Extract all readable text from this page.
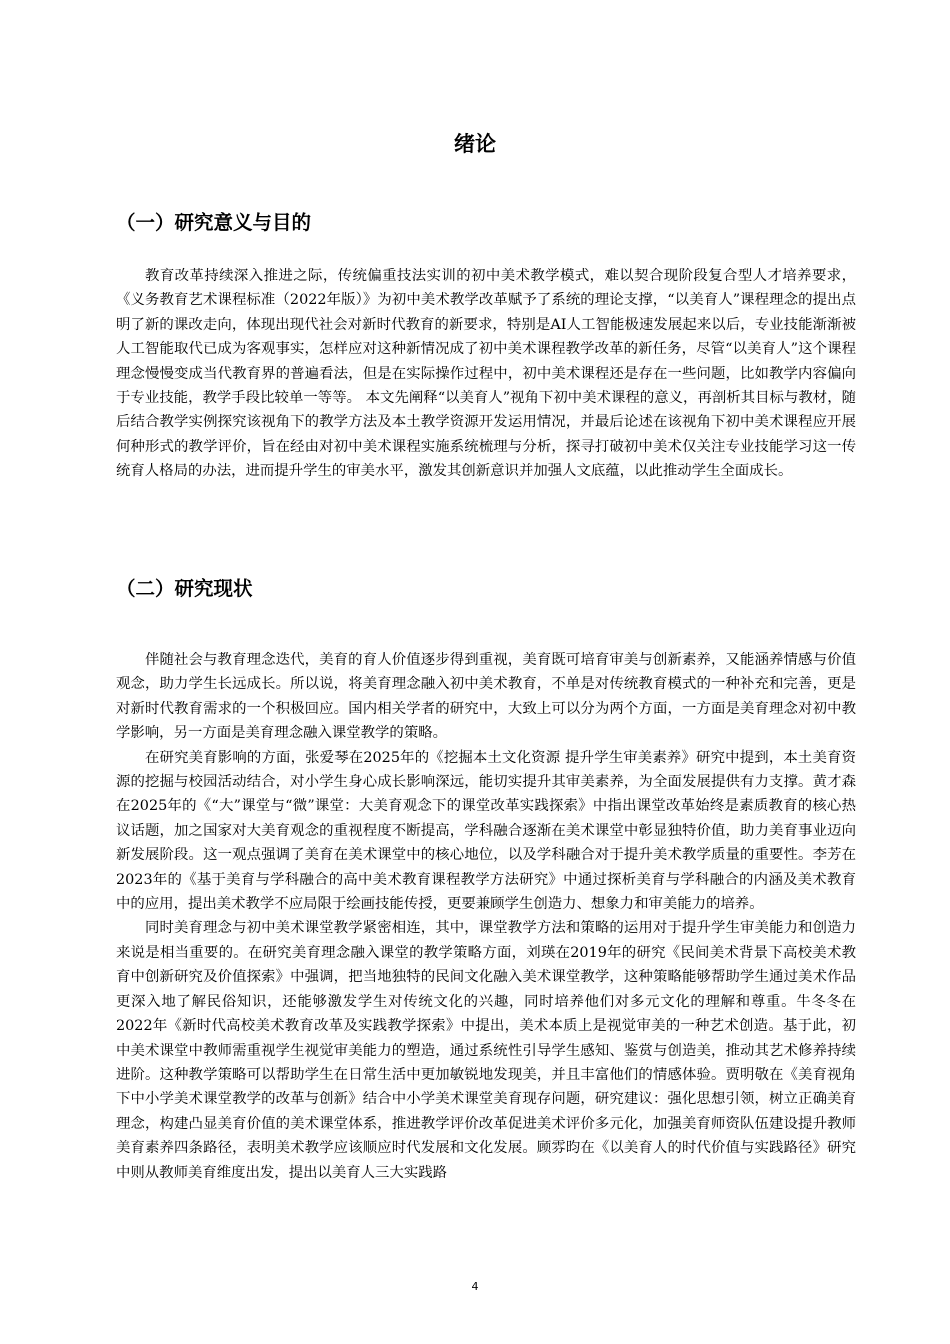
绪论
（一）研究意义与目的

教育改革持续深入推进之际，传统偏重技法实训的初中美术教学模式，难以契合现阶段复合型人才培养要求，《义务教育艺术课程标准（2022年版）》为初中美术教学改革赋予了系统的理论支撑，“以美育人”课程理念的提出点明了新的课改走向，体现出现代社会对新时代教育的新要求，特别是AI人工智能极速发展起来以后，专业技能渐渐被人工智能取代已成为客观事实，怎样应对这种新情况成了初中美术课程教学改革的新任务，尽管“以美育人”这个课程理念慢慢变成当代教育界的普遍看法，但是在实际操作过程中，初中美术课程还是存在一些问题，比如教学内容偏向于专业技能，教学手段比较单一等等。 本文先阐释“以美育人”视角下初中美术课程的意义，再剖析其目标与教材，随后结合教学实例探究该视角下的教学方法及本土教学资源开发运用情况，并最后论述在该视角下初中美术课程应开展何种形式的教学评价，旨在经由对初中美术课程实施系统梳理与分析，探寻打破初中美术仅关注专业技能学习这一传统育人格局的办法，进而提升学生的审美水平，激发其创新意识并加强人文底蕴，以此推动学生全面成长。

（二）研究现状

伴随社会与教育理念迭代，美育的育人价值逐步得到重视，美育既可培育审美与创新素养，又能涵养情感与价值观念，助力学生长远成长。所以说，将美育理念融入初中美术教育，不单是对传统教育模式的一种补充和完善，更是对新时代教育需求的一个积极回应。国内相关学者的研究中，大致上可以分为两个方面，一方面是美育理念对初中教学影响，另一方面是美育理念融入课堂教学的策略。

在研究美育影响的方面，张爱琴在2025年的《挖掘本土文化资源 提升学生审美素养》研究中提到，本土美育资源的挖掘与校园活动结合，对小学生身心成长影响深远，能切实提升其审美素养，为全面发展提供有力支撑。黄才森在2025年的《“大”课堂与“微”课堂：大美育观念下的课堂改革实践探索》中指出课堂改革始终是素质教育的核心热议话题，加之国家对大美育观念的重视程度不断提高，学科融合逐渐在美术课堂中彰显独特价值，助力美育事业迈向新发展阶段。这一观点强调了美育在美术课堂中的核心地位，以及学科融合对于提升美术教学质量的重要性。李芳在2023年的《基于美育与学科融合的高中美术教育课程教学方法研究》中通过探析美育与学科融合的内涵及美术教育中的应用，提出美术教学不应局限于绘画技能传授，更要兼顾学生创造力、想象力和审美能力的培养。

同时美育理念与初中美术课堂教学紧密相连，其中，课堂教学方法和策略的运用对于提升学生审美能力和创造力来说是相当重要的。在研究美育理念融入课堂的教学策略方面，刘瑛在2019年的研究《民间美术背景下高校美术教育中创新研究及价值探索》中强调，把当地独特的民间文化融入美术课堂教学，这种策略能够帮助学生通过美术作品更深入地了解民俗知识，还能够激发学生对传统文化的兴趣，同时培养他们对多元文化的理解和尊重。牛冬冬在2022年《新时代高校美术教育改革及实践教学探索》中提出，美术本质上是视觉审美的一种艺术创造。基于此，初中美术课堂中教师需重视学生视觉审美能力的塑造，通过系统性引导学生感知、鉴赏与创造美，推动其艺术修养持续进阶。这种教学策略可以帮助学生在日常生活中更加敏锐地发现美，并且丰富他们的情感体验。贾明敬在《美育视角下中小学美术课堂教学的改革与创新》结合中小学美术课堂美育现存问题，研究建议：强化思想引领，树立正确美育理念，构建凸显美育价值的美术课堂体系，推进教学评价改革促进美术评价多元化，加强美育师资队伍建设提升教师美育素养四条路径，表明美术教学应该顺应时代发展和文化发展。顾雰昀在《以美育人的时代价值与实践路径》研究中则从教师美育维度出发，提出以美育人三大实践路

4
